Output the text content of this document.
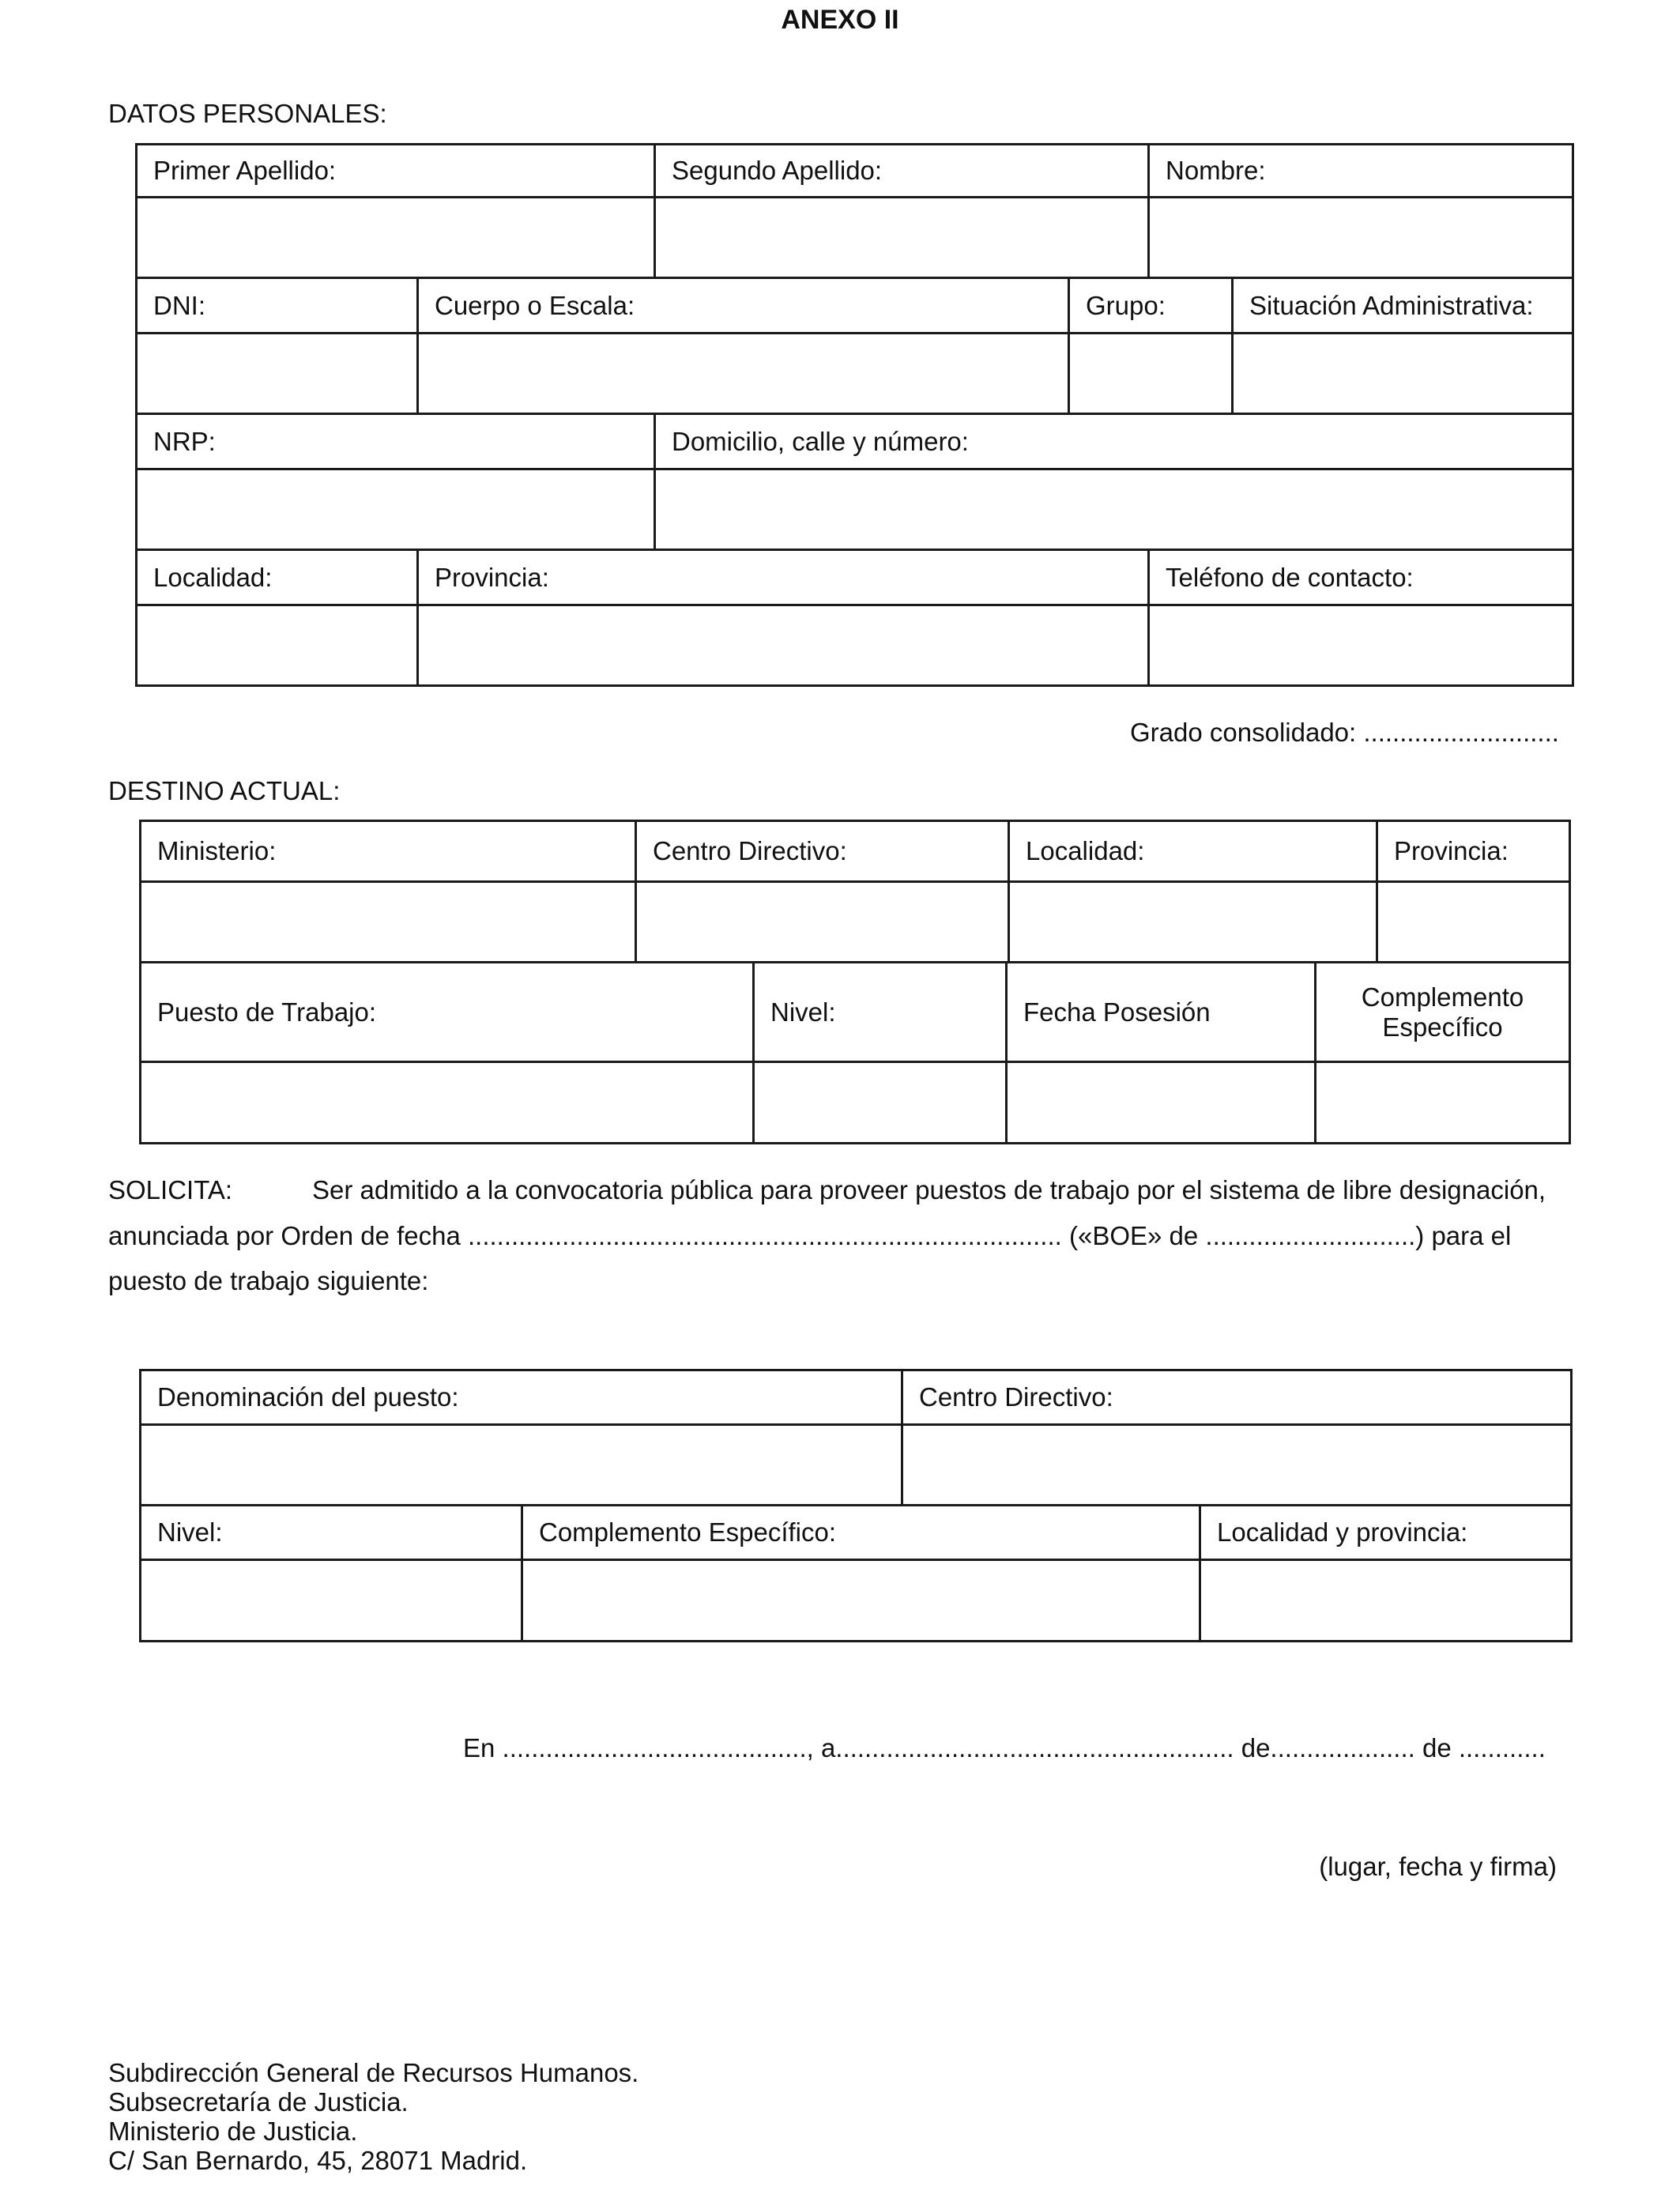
ANEXO II
DATOS PERSONALES:
Primer Apellido:	Segundo Apellido:	Nombre:

DNI:	Cuerpo o Escala:	Grupo:	Situación Administrativa:

NRP:	Domicilio, calle y número:

Localidad:	Provincia:	Teléfono de contacto:

Grado consolidado: ...........................
DESTINO ACTUAL:
Ministerio:	Centro Directivo:	Localidad:	Provincia:

Puesto de Trabajo:	Nivel:	Fecha Posesión	Complemento Específico

SOLICITA:	Ser admitido a la convocatoria pública para proveer puestos de trabajo por el sistema de libre designación,
anunciada por Orden de fecha .................................................................................. («BOE» de .............................) para el
puesto de trabajo siguiente:
Denominación del puesto:	Centro Directivo:

Nivel:	Complemento Específico:	Localidad y provincia:

En .........................................., a....................................................... de.................... de ............
(lugar, fecha y firma)
Subdirección General de Recursos Humanos.
Subsecretaría de Justicia.
Ministerio de Justicia.
C/ San Bernardo, 45, 28071 Madrid.
